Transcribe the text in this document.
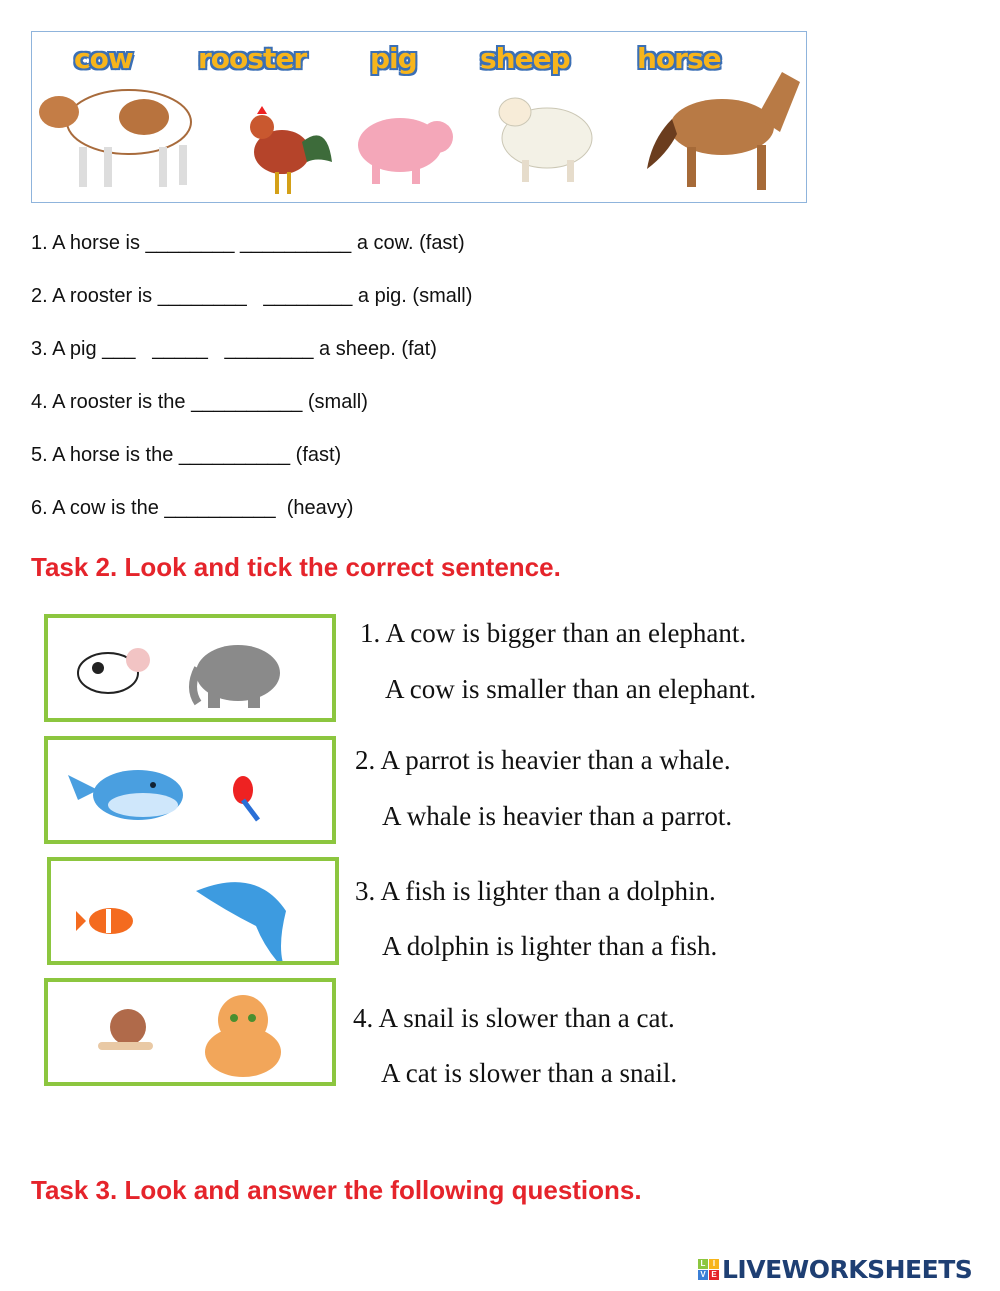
cow rooster pig sheep horse
1. A horse is ________ __________ a cow. (fast)
2. A rooster is ________   ________ a pig. (small)
3. A pig ___   _____   ________ a sheep. (fat)
4. A rooster is the __________ (small)
5. A horse is the __________ (fast)
6. A cow is the __________  (heavy)
Task 2. Look and tick the correct sentence.
1. A cow is bigger than an elephant.
A cow is smaller than an elephant.
2. A parrot is heavier than a whale.
A whale is heavier than a parrot.
3. A fish is lighter than a dolphin.
A dolphin is lighter than a fish.
4. A snail is slower than a cat.
A cat is slower than a snail.
Task 3. Look and answer the following questions.
L I
V E LIVEWORKSHEETS
